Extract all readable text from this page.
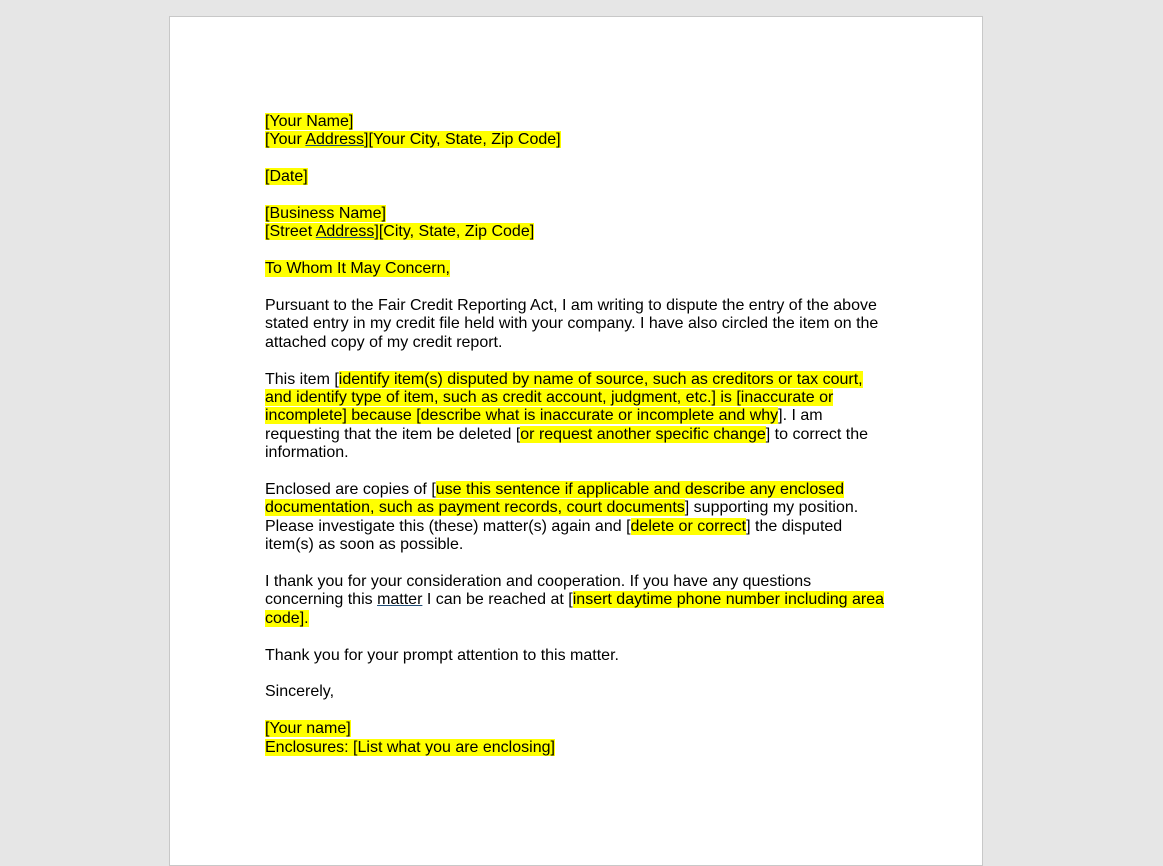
[Your Name]
[Your Address][Your City, State, Zip Code]
[Date]
[Business Name]
[Street Address][City, State, Zip Code]
To Whom It May Concern,
Pursuant to the Fair Credit Reporting Act, I am writing to dispute the entry of the above stated entry in my credit file held with your company. I have also circled the item on the attached copy of my credit report.
This item [identify item(s) disputed by name of source, such as creditors or tax court, and identify type of item, such as credit account, judgment, etc.] is [inaccurate or incomplete] because [describe what is inaccurate or incomplete and why]. I am requesting that the item be deleted [or request another specific change] to correct the information.
Enclosed are copies of [use this sentence if applicable and describe any enclosed documentation, such as payment records, court documents] supporting my position. Please investigate this (these) matter(s) again and [delete or correct] the disputed item(s) as soon as possible.
I thank you for your consideration and cooperation. If you have any questions concerning this matter I can be reached at [insert daytime phone number including area code].
Thank you for your prompt attention to this matter.
Sincerely,
[Your name]
Enclosures: [List what you are enclosing]
